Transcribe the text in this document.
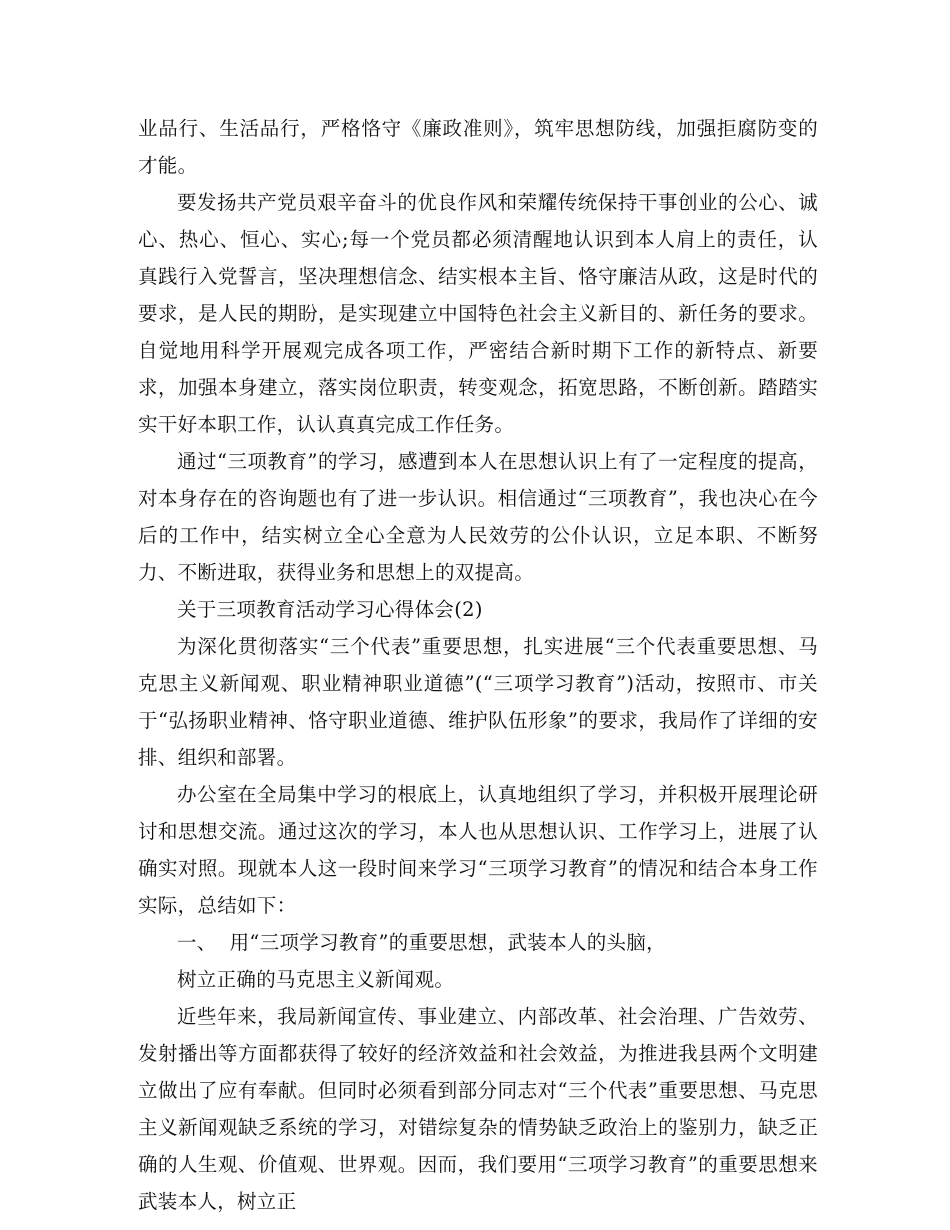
业品行、生活品行，严格恪守《廉政准则》，筑牢思想防线，加强拒腐防变的才能。

要发扬共产党员艰辛奋斗的优良作风和荣耀传统保持干事创业的公心、诚心、热心、恒心、实心;每一个党员都必须清醒地认识到本人肩上的责任，认真践行入党誓言，坚决理想信念、结实根本主旨、恪守廉洁从政，这是时代的要求，是人民的期盼，是实现建立中国特色社会主义新目的、新任务的要求。自觉地用科学开展观完成各项工作，严密结合新时期下工作的新特点、新要求，加强本身建立，落实岗位职责，转变观念，拓宽思路，不断创新。踏踏实实干好本职工作，认认真真完成工作任务。

通过“三项教育”的学习，感遭到本人在思想认识上有了一定程度的提高，对本身存在的咨询题也有了进一步认识。相信通过“三项教育”，我也决心在今后的工作中，结实树立全心全意为人民效劳的公仆认识，立足本职、不断努力、不断进取，获得业务和思想上的双提高。

关于三项教育活动学习心得体会(2)

为深化贯彻落实“三个代表”重要思想，扎实进展“三个代表重要思想、马克思主义新闻观、职业精神职业道德”(“三项学习教育”)活动，按照市、市关于“弘扬职业精神、恪守职业道德、维护队伍形象”的要求，我局作了详细的安排、组织和部署。

办公室在全局集中学习的根底上，认真地组织了学习，并积极开展理论研讨和思想交流。通过这次的学习，本人也从思想认识、工作学习上，进展了认确实对照。现就本人这一段时间来学习“三项学习教育”的情况和结合本身工作实际，总结如下：

一、  用“三项学习教育”的重要思想，武装本人的头脑，

树立正确的马克思主义新闻观。

近些年来，我局新闻宣传、事业建立、内部改革、社会治理、广告效劳、发射播出等方面都获得了较好的经济效益和社会效益，为推进我县两个文明建立做出了应有奉献。但同时必须看到部分同志对“三个代表”重要思想、马克思主义新闻观缺乏系统的学习，对错综复杂的情势缺乏政治上的鉴别力，缺乏正确的人生观、价值观、世界观。因而，我们要用“三项学习教育”的重要思想来武装本人，树立正
